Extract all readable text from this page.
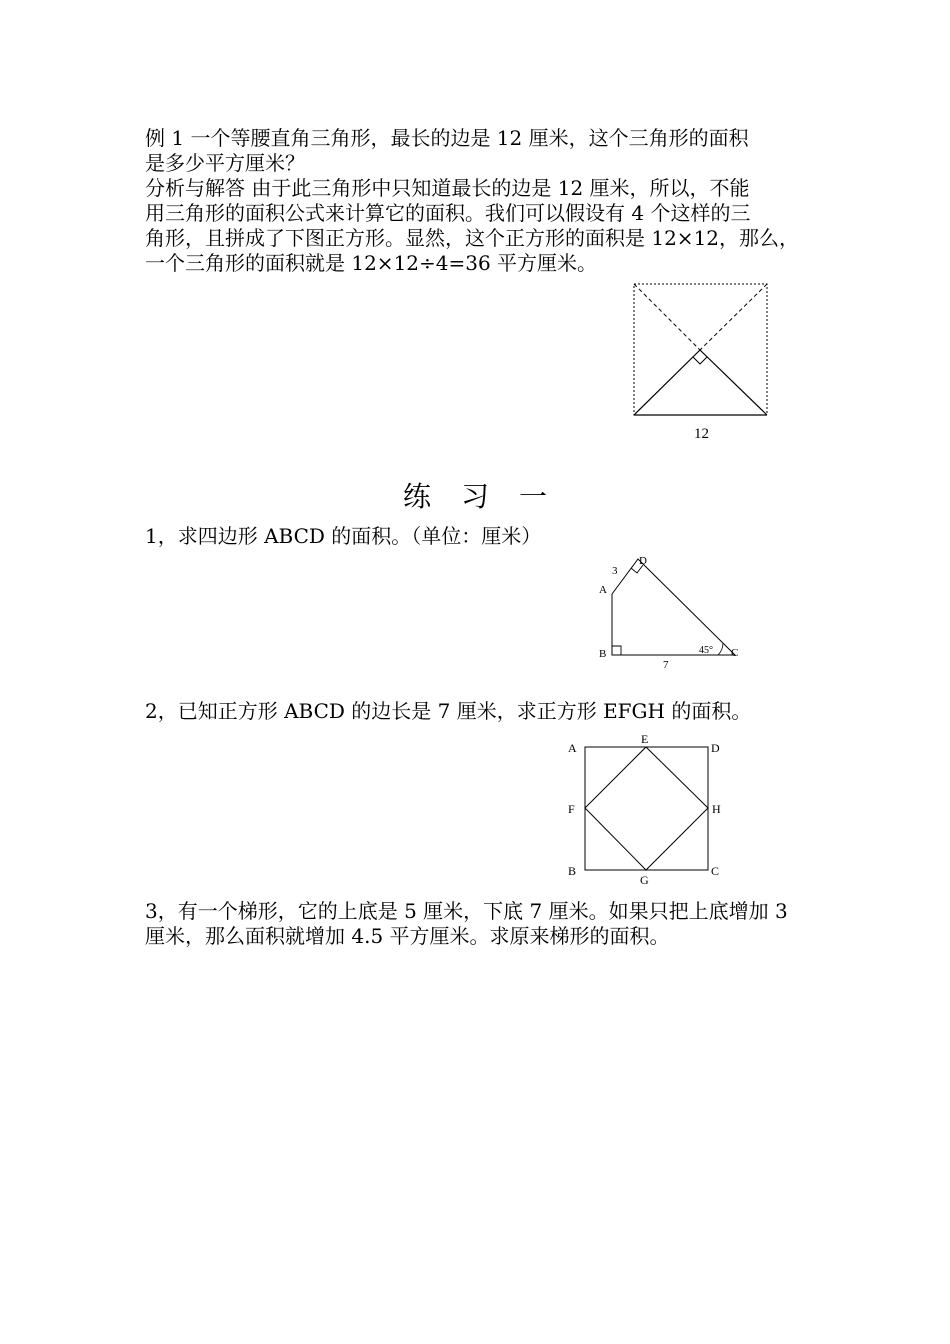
例 1 一个等腰直角三角形，最长的边是 12 厘米，这个三角形的面积
是多少平方厘米？
分析与解答 由于此三角形中只知道最长的边是 12 厘米，所以，不能
用三角形的面积公式来计算它的面积。我们可以假设有 4 个这样的三
角形，且拼成了下图正方形。显然，这个正方形的面积是 12×12，那么，
一个三角形的面积就是 12×12÷4=36 平方厘米。
12
练习一
1，求四边形 ABCD 的面积。（单位：厘米）
A
B	C
D
3
7
45°
2，已知正方形 ABCD 的边长是 7 厘米，求正方形 EFGH 的面积。
A
E
D
F	H
B
G
C
3，有一个梯形，它的上底是 5 厘米，下底 7 厘米。如果只把上底增加 3
厘米，那么面积就增加 4.5 平方厘米。求原来梯形的面积。
